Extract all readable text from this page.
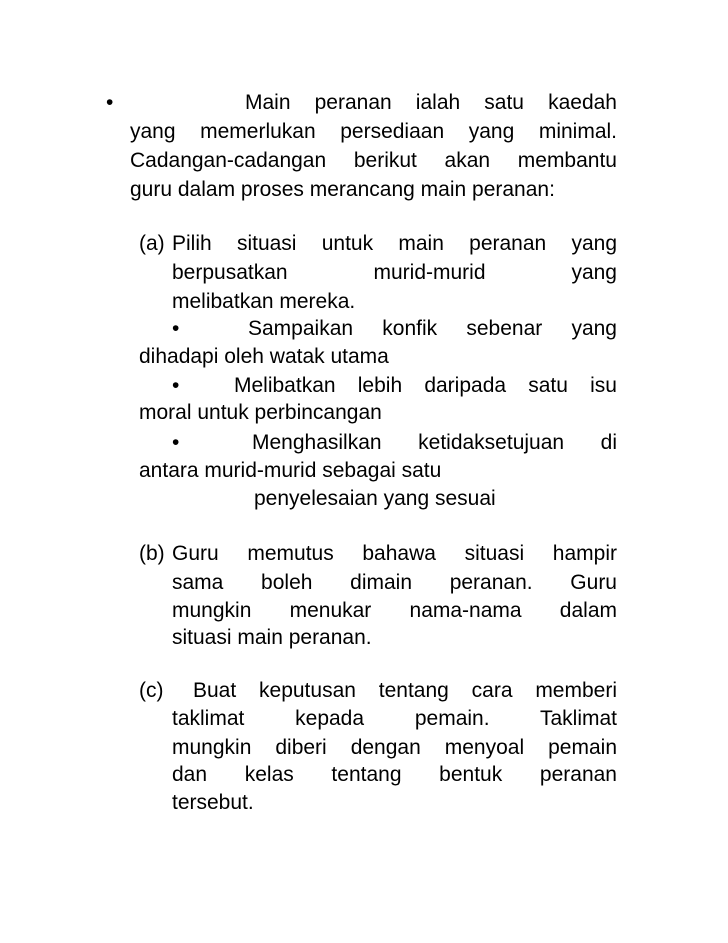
•	Main peranan ialah satu kaedah
yang memerlukan persediaan yang minimal.
Cadangan-cadangan berikut akan membantu
guru dalam proses merancang main peranan:
(a) Pilih situasi untuk main peranan yang
berpusatkan murid-murid yang
melibatkan mereka.
•	Sampaikan konfik sebenar yang
dihadapi oleh watak utama
•	Melibatkan lebih daripada satu isu
moral untuk perbincangan
•	Menghasilkan ketidaksetujuan di
antara murid-murid sebagai satu
penyelesaian yang sesuai
(b) Guru memutus bahawa situasi hampir
sama boleh dimain peranan. Guru
mungkin menukar nama-nama dalam
situasi main peranan.
(c) Buat keputusan tentang cara memberi
taklimat kepada pemain. Taklimat
mungkin diberi dengan menyoal pemain
dan kelas tentang bentuk peranan
tersebut.
